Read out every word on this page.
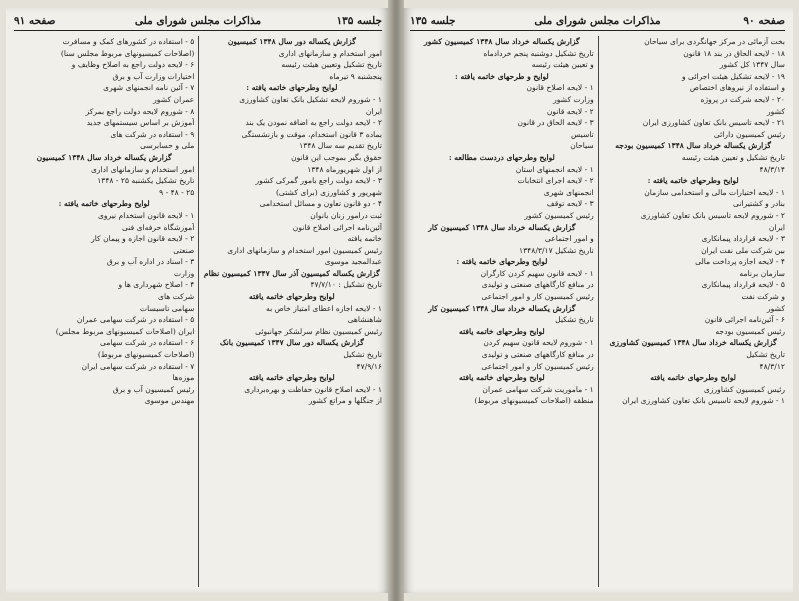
جلسه ۱۳۵
مذاکرات مجلس شورای ملی
صفحه ۹۱
گزارش یکساله دور سال ۱۳۴۸ کمیسیون
امور استخدام و سازمانهای اداری
تاریخ تشکیل وتعیین هیئت رئیسه
پنجشنبه ۹ تیرماه
لوایح وطرحهای خاتمه یافته :
۱ - شوروم لایحه تشکیل بانک تعاون کشاورزی
ایران
۲ - لایحه دولت راجع به اضافه نمودن یک بند
بماده ۳ قانون استخدام، موقت و بازنشستگی
تاریخ تقدیم سه سال ۱۳۴۸
حقوق بگیر بموجب این قانون
از اول شهریورماه ۱۳۴۸
۳ - لایحه دولت راجع بامور گمرکی کشور
شهریور و کشاورزی (برای کشتی)
۴ - دو قانون تعاون و مسائل استخدامی
ثبت درامور زنان بانوان
آئین‌نامه اجرائی اصلاح قانون
خاتمه یافته
رئیس کمیسیون امور استخدام و سازمانهای اداری
عبدالمجید موسوی
گزارش یکساله کمیسیون آذر سال ۱۳۴۷ کمیسیون نظام
تاریخ تشکیل : ۴۷/۷/۱۰
لوایح وطرحهای خاتمه یافته
۱ - لایحه اجازه اعطای امتیاز خاص به
شاهنشاهی
رئیس کمیسیون نظام سرلشکر جهانبوئی
گزارش یکساله دور سال ۱۳۴۷ کمیسیون بانک
تاریخ تشکیل
۴۷/۹/۱۶
لوایح وطرحهای خاتمه یافته
۱ - لایحه اصلاح قانون حفاظت و بهره‌برداری
از جنگلها و مراتع کشور
۵ - استفاده در کشورهای کمک و مسافرت
(اصلاحات کمیسیونهای مربوط مجلس سنا)
۶ - لایحه دولت راجع به اصلاح وظایف و
اختیارات وزارت آب و برق
۷ - آئین نامه انجمنهای شهری
عمران کشور
۸ - شوروم لایحه دولت راجع بمرکز
آموزش بر اساس سیستمهای جدید
۹ - استفاده در شرکت های
ملی و حسابرسی
گزارش یکساله خرداد سال ۱۳۴۸ کمیسیون
امور استخدام و سازمانهای اداری
تاریخ تشکیل یکشنبه ۲۵ - ۱۳۴۸
۲۵ - ۴۸ - ۹
لوایح وطرحهای خاتمه یافته :
۱ - لایحه قانون استخدام نیروی
آموزشگاه حرفه‌ای فنی
۲ - لایحه قانون اجازه و پیمان کار
صنعتی
۳ - اسناد در اداره آب و برق
وزارت
۴ - اصلاح شهرداری ها و
شرکت های
سهامی تاسیسات
۵ - استفاده در شرکت سهامی عمران
ایران (اصلاحات کمیسیونهای مربوط مجلس)
۶ - استفاده در شرکت سهامی
(اصلاحات کمیسیونهای مربوط)
۷ - استفاده در شرکت سهامی ایران
موزه‌ها
رئیس کمیسیون آب و برق
مهندس موسوی
صفحه ۹۰
مذاکرات مجلس شورای ملی
جلسه ۱۳۵
بخت آزمائی در مرکز جهانگردی برای سیاحان
۱۸ - لایحه الحاق در بند ۱۸ قانون
سال ۱۳۴۷ کل کشور
۱۹ - لایحه تشکیل هیئت اجرائی و
و استفاده از نیروهای اختصاص
۲۰ - لایحه شرکت در پروژه
کشور
۲۱ - لایحه تاسیس بانک تعاون کشاورزی ایران
رئیس کمیسیون دارائی
گزارش یکساله خرداد سال ۱۳۴۸ کمیسیون بودجه
تاریخ تشکیل و تعیین هیئت رئیسه
۴۸/۳/۱۴
لوایح وطرحهای خاتمه یافته :
۱ - لایحه اختیارات مالی و استخدامی سازمان
بنادر و کشتیرانی
۲ - شوروم لایحه تاسیس بانک تعاون کشاورزی
ایران
۳ - لایحه قرارداد پیمانکاری
بین شرکت ملی نفت ایران
۴ - لایحه اجازه پرداخت مالی
سازمان برنامه
۵ - لایحه قرارداد پیمانکاری
و شرکت نفت
کشور
۶ - آئین‌نامه اجرائی قانون
رئیس کمیسیون بودجه
گزارش یکساله خرداد سال ۱۳۴۸ کمیسیون کشاورزی
تاریخ تشکیل
۴۸/۳/۱۲
لوایح وطرحهای خاتمه یافته
رئیس کمیسیون کشاورزی
۱ - شوروم لایحه تاسیس بانک تعاون کشاورزی ایران
گزارش یکساله خرداد سال ۱۳۴۸ کمیسیون کشور
تاریخ تشکیل دوشنبه پنجم خردادماه
و تعیین هیئت رئیسه
لوایح و طرحهای خاتمه یافته :
۱ - لایحه اصلاح قانون
وزارت کشور
۲ - لایحه قانون
۳ - لایحه الحاق در قانون
تاسیس
سیاحان
لوایح وطرحهای دردست مطالعه :
۱ - لایحه انجمنهای استان
۲ - لایحه اجرای انتخابات
انجمنهای شهری
۳ - لایحه توقف
رئیس کمیسیون کشور
گزارش یکساله خرداد سال ۱۳۴۸ کمیسیون کار
و امور اجتماعی
تاریخ تشکیل ۱۳۴۸/۳/۱۷
لوایح وطرحهای خاتمه یافته :
۱ - لایحه قانون سهیم کردن کارگران
در منافع کارگاههای صنعتی و تولیدی
رئیس کمیسیون کار و امور اجتماعی
گزارش یکساله خرداد سال ۱۳۴۸ کمیسیون کار
تاریخ تشکیل
لوایح وطرحهای خاتمه یافته
۱ - شوروم لایحه قانون سهیم کردن
در منافع کارگاههای صنعتی و تولیدی
رئیس کمیسیون کار و امور اجتماعی
لوایح وطرحهای خاتمه یافته
۱ - ماموریت شرکت سهامی عمران
منطقه (اصلاحات کمیسیونهای مربوط)
